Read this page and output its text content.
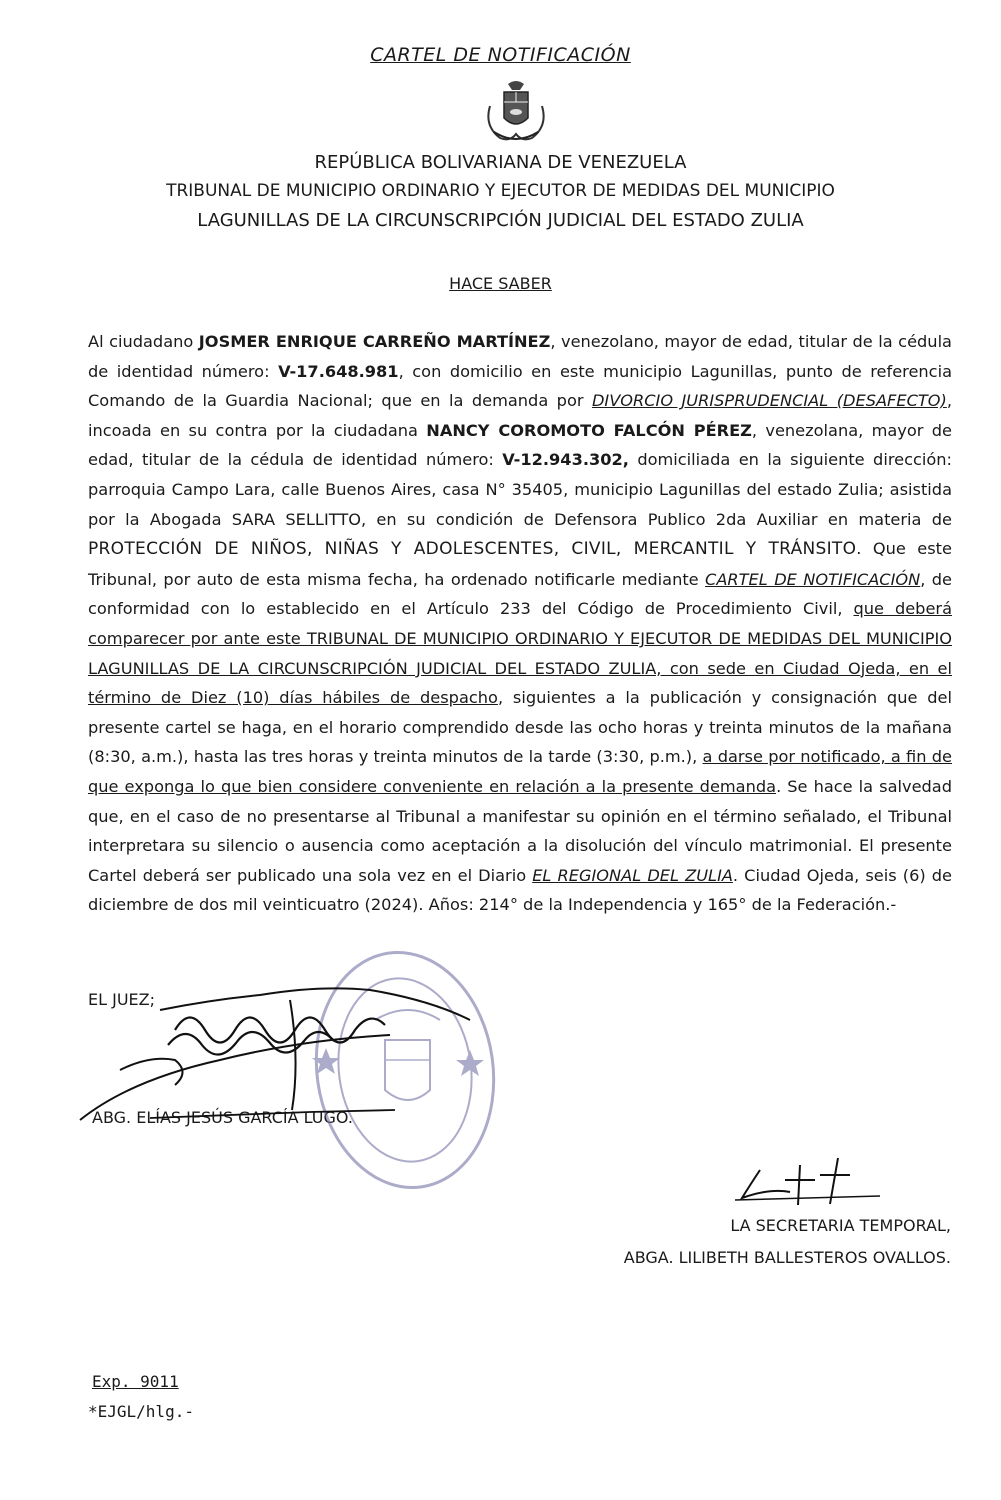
CARTEL DE NOTIFICACIÓN
REPÚBLICA BOLIVARIANA DE VENEZUELA
TRIBUNAL DE MUNICIPIO ORDINARIO Y EJECUTOR DE MEDIDAS DEL MUNICIPIO
LAGUNILLAS DE LA CIRCUNSCRIPCIÓN JUDICIAL DEL ESTADO ZULIA
HACE SABER
Al ciudadano JOSMER ENRIQUE CARREÑO MARTÍNEZ, venezolano, mayor de edad, titular de la cédula de identidad número: V-17.648.981, con domicilio en este municipio Lagunillas, punto de referencia Comando de la Guardia Nacional; que en la demanda por DIVORCIO JURISPRUDENCIAL (DESAFECTO), incoada en su contra por la ciudadana NANCY COROMOTO FALCÓN PÉREZ, venezolana, mayor de edad, titular de la cédula de identidad número: V-12.943.302, domiciliada en la siguiente dirección: parroquia Campo Lara, calle Buenos Aires, casa N° 35405, municipio Lagunillas del estado Zulia; asistida por la Abogada SARA SELLITTO, en su condición de Defensora Publico 2da Auxiliar en materia de PROTECCIÓN DE NIÑOS, NIÑAS Y ADOLESCENTES, CIVIL, MERCANTIL Y TRÁNSITO. Que este Tribunal, por auto de esta misma fecha, ha ordenado notificarle mediante CARTEL DE NOTIFICACIÓN, de conformidad con lo establecido en el Artículo 233 del Código de Procedimiento Civil, que deberá comparecer por ante este TRIBUNAL DE MUNICIPIO ORDINARIO Y EJECUTOR DE MEDIDAS DEL MUNICIPIO LAGUNILLAS DE LA CIRCUNSCRIPCIÓN JUDICIAL DEL ESTADO ZULIA, con sede en Ciudad Ojeda, en el término de Diez (10) días hábiles de despacho, siguientes a la publicación y consignación que del presente cartel se haga, en el horario comprendido desde las ocho horas y treinta minutos de la mañana (8:30, a.m.), hasta las tres horas y treinta minutos de la tarde (3:30, p.m.), a darse por notificado, a fin de que exponga lo que bien considere conveniente en relación a la presente demanda. Se hace la salvedad que, en el caso de no presentarse al Tribunal a manifestar su opinión en el término señalado, el Tribunal interpretara su silencio o ausencia como aceptación a la disolución del vínculo matrimonial. El presente Cartel deberá ser publicado una sola vez en el Diario EL REGIONAL DEL ZULIA. Ciudad Ojeda, seis (6) de diciembre de dos mil veinticuatro (2024). Años: 214° de la Independencia y 165° de la Federación.-
EL JUEZ;
ABG. ELÍAS JESÚS GARCÍA LUGO.
LA SECRETARIA TEMPORAL,
ABGA. LILIBETH BALLESTEROS OVALLOS.
Exp. 9011
*EJGL/hlg.-
